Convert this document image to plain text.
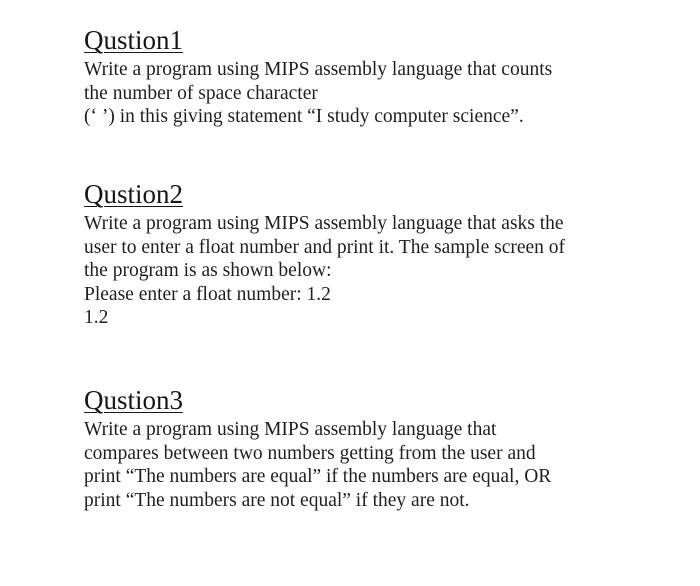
Qustion1
Write a program using MIPS assembly language that counts
the number of space character
(‘ ’) in this giving statement “I study computer science”.
Qustion2
Write a program using MIPS assembly language that asks the
user to enter a float number and print it. The sample screen of
the program is as shown below:
Please enter a float number: 1.2
1.2
Qustion3
Write a program using MIPS assembly language that
compares between two numbers getting from the user and
print “The numbers are equal” if the numbers are equal, OR
print “The numbers are not equal” if they are not.
